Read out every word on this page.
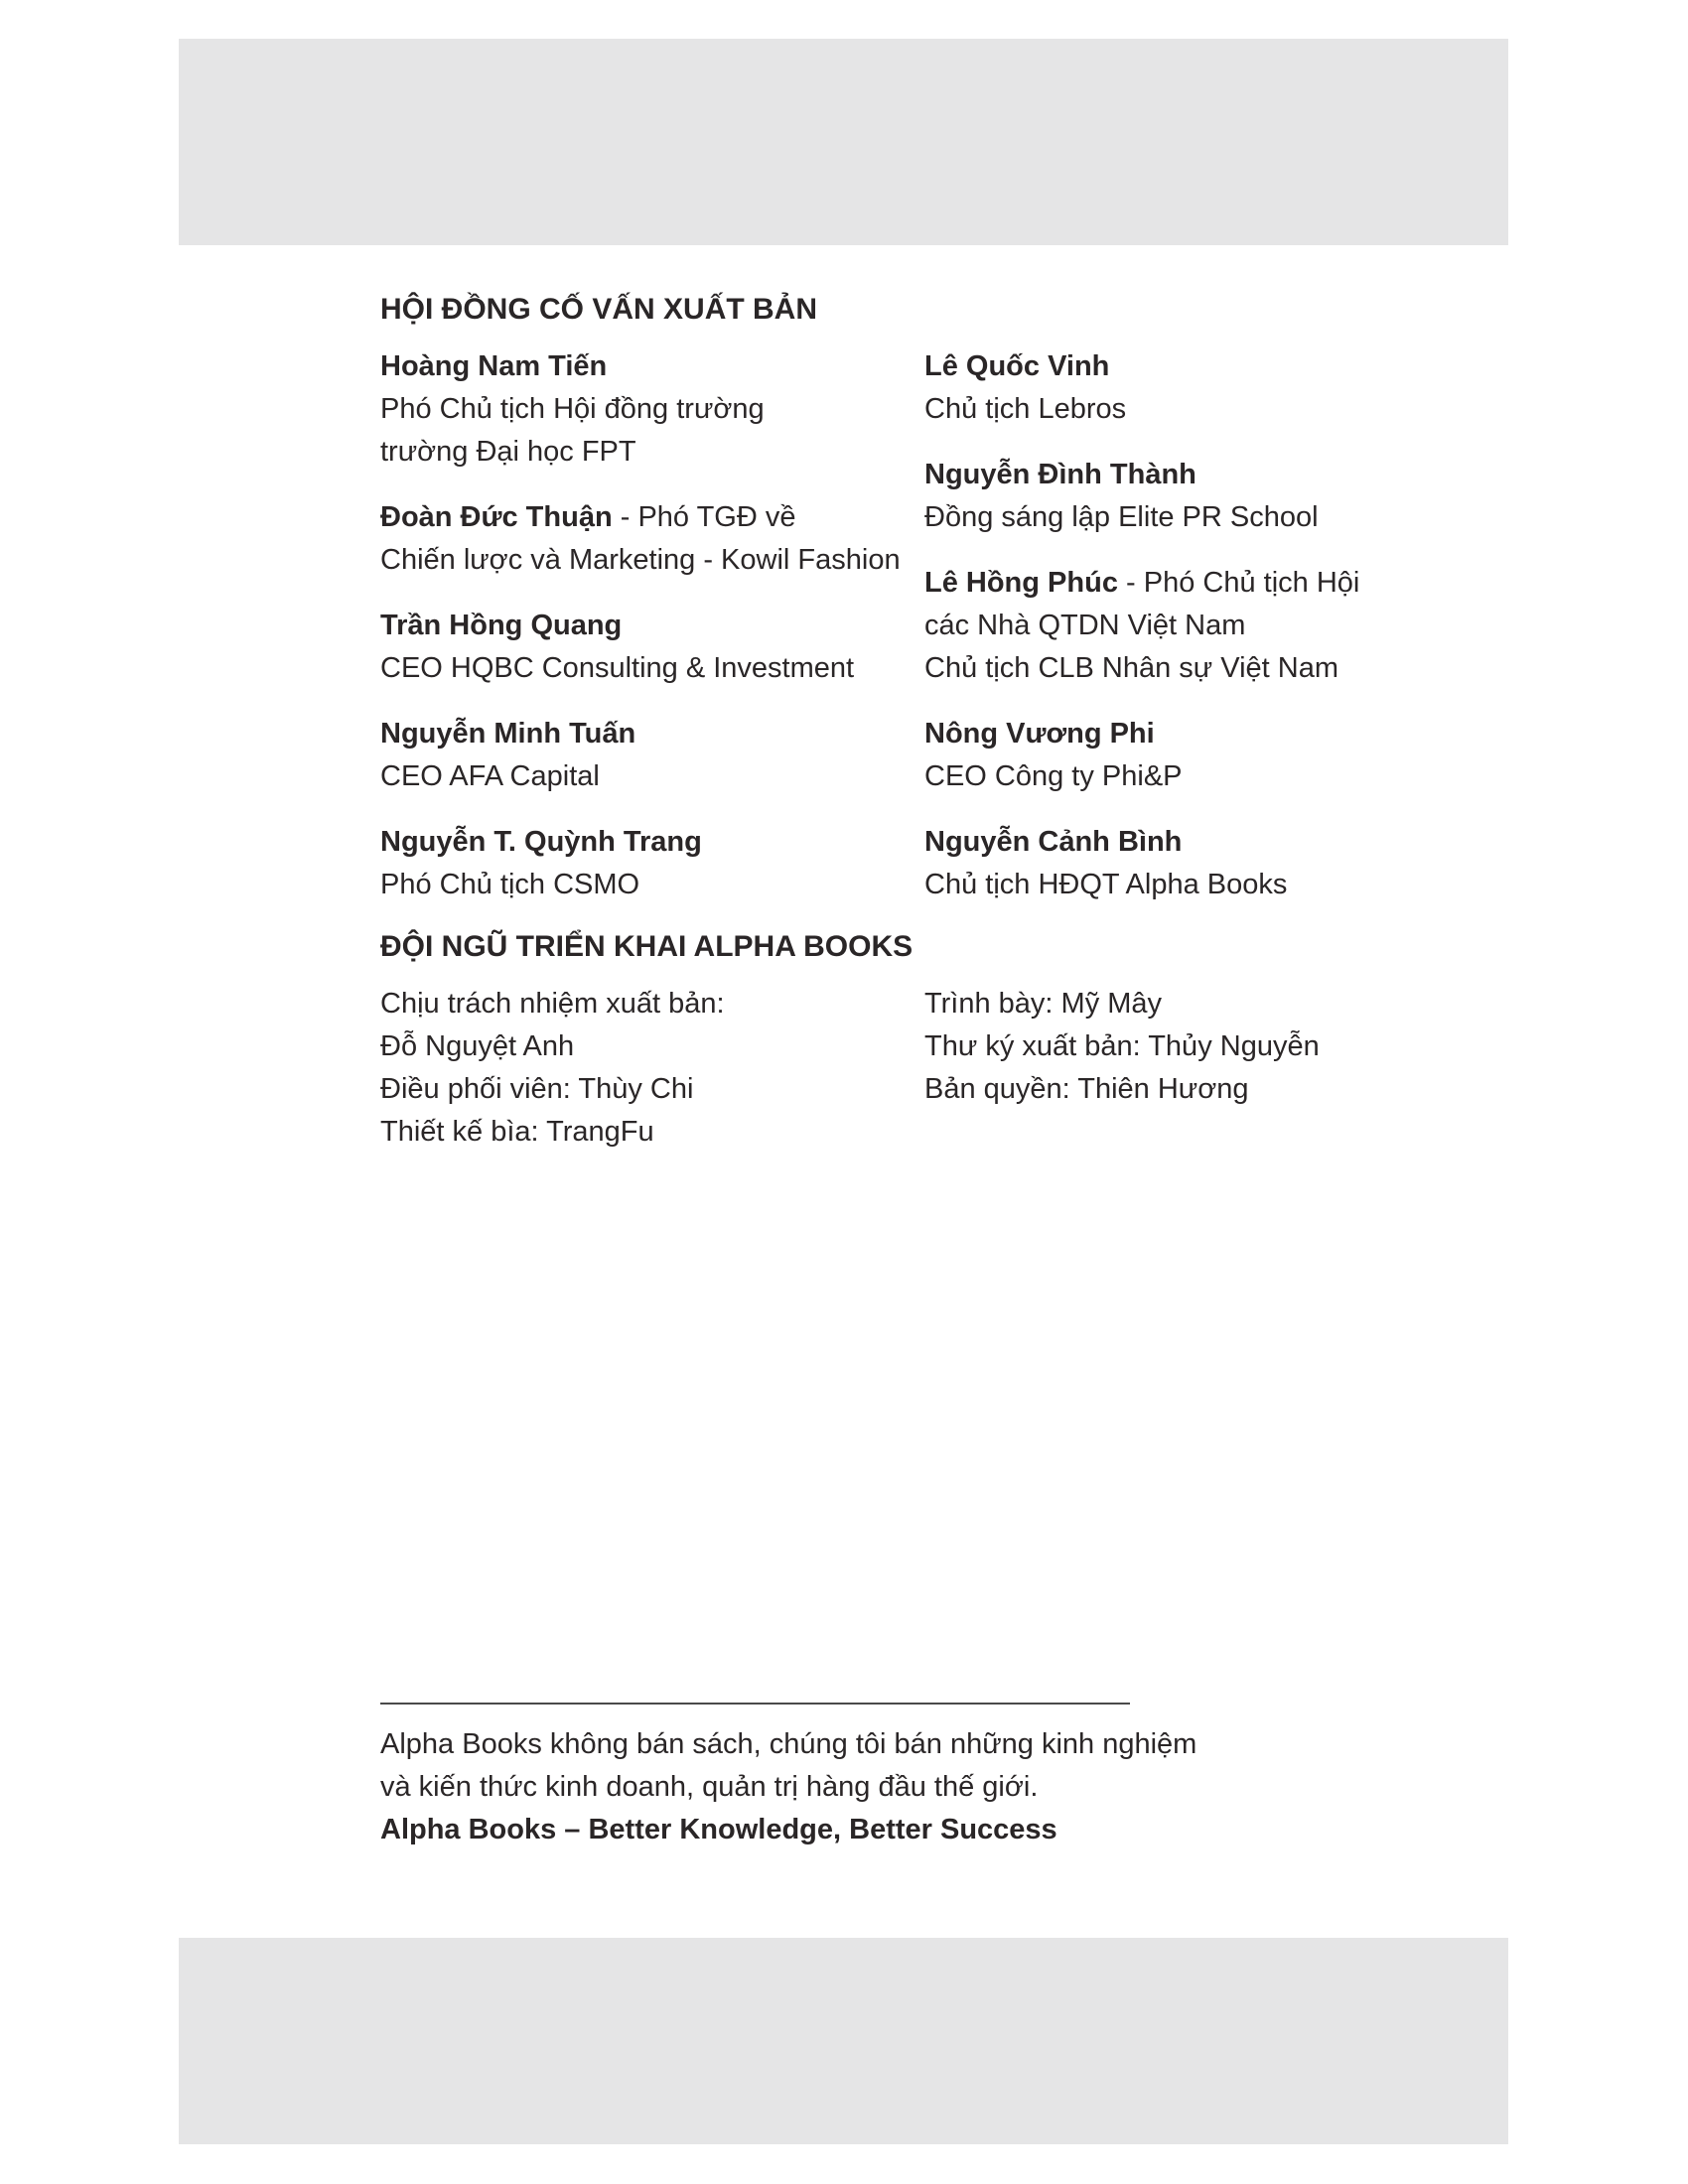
HỘI ĐỒNG CỐ VẤN XUẤT BẢN
Hoàng Nam Tiến
Phó Chủ tịch Hội đồng trường
trường Đại học FPT
Đoàn Đức Thuận - Phó TGĐ về
Chiến lược và Marketing - Kowil Fashion
Trần Hồng Quang
CEO HQBC Consulting & Investment
Nguyễn Minh Tuấn
CEO AFA Capital
Nguyễn T. Quỳnh Trang
Phó Chủ tịch CSMO
Lê Quốc Vinh
Chủ tịch Lebros
Nguyễn Đình Thành
Đồng sáng lập Elite PR School
Lê Hồng Phúc - Phó Chủ tịch Hội
các Nhà QTDN Việt Nam
Chủ tịch CLB Nhân sự Việt Nam
Nông Vương Phi
CEO Công ty Phi&P
Nguyễn Cảnh Bình
Chủ tịch HĐQT Alpha Books
ĐỘI NGŨ TRIỂN KHAI ALPHA BOOKS
Chịu trách nhiệm xuất bản:
Đỗ Nguyệt Anh
Điều phối viên: Thùy Chi
Thiết kế bìa: TrangFu
Trình bày: Mỹ Mây
Thư ký xuất bản: Thủy Nguyễn
Bản quyền: Thiên Hương
Alpha Books không bán sách, chúng tôi bán những kinh nghiệm
và kiến thức kinh doanh, quản trị hàng đầu thế giới.
Alpha Books – Better Knowledge, Better Success
